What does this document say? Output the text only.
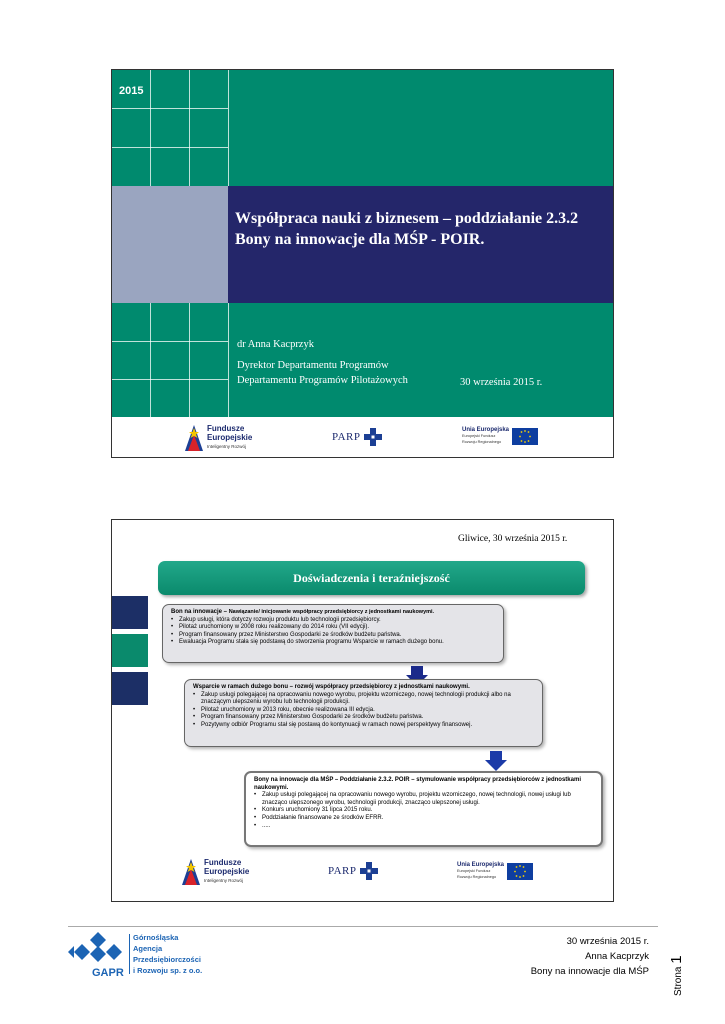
2015
Współpraca nauki z biznesem – poddziałanie 2.3.2
Bony na innowacje dla MŚP - POIR.
dr Anna Kacprzyk
Dyrektor Departamentu Programów
Departamentu Programów Pilotażowych	30 września 2015 r.
Fundusze
Europejskie
Inteligentny Rozwój
PARP
Unia Europejska
Europejski Fundusz
Rozwoju Regionalnego
Gliwice, 30 września 2015 r.
Doświadczenia i teraźniejszość
Bon na innowacje – Nawiązanie/ inicjowanie współpracy przedsiębiorcy z jednostkami naukowymi.
• Zakup usługi, która dotyczy rozwoju produktu lub technologii przedsiębiorcy.
• Pilotaż uruchomiony w 2008 roku realizowany do 2014 roku (VII edycji).
• Program finansowany przez Ministerstwo Gospodarki ze środków budżetu państwa.
• Ewaluacja Programu stała się podstawą do stworzenia programu Wsparcie w ramach dużego bonu.
Wsparcie w ramach dużego bonu – rozwój współpracy przedsiębiorcy z jednostkami naukowymi.
• Zakup usługi polegającej na opracowaniu nowego wyrobu, projektu wzorniczego, nowej technologii produkcji albo na znaczącym ulepszeniu wyrobu lub technologii produkcji.
• Pilotaż uruchomiony w 2013 roku, obecnie realizowana III edycja.
• Program finansowany przez Ministerstwo Gospodarki ze środków budżetu państwa.
• Pozytywny odbiór Programu stał się postawą do kontynuacji w ramach nowej perspektywy finansowej.
Bony na innowacje dla MŚP – Poddziałanie 2.3.2. POIR – stymulowanie współpracy przedsiębiorców z jednostkami naukowymi.
• Zakup usługi polegającej na opracowaniu nowego wyrobu, projektu wzorniczego, nowej technologii, nowej usługi lub znacząco ulepszonego wyrobu, technologii produkcji, znacząco ulepszonej usługi.
• Konkurs uruchomiony 31 lipca 2015 roku.
• Poddziałanie finansowane ze środków EFRR.
• .....
Fundusze
Europejskie
Inteligentny Rozwój
PARP	Unia Europejska
Europejski Fundusz
Rozwoju Regionalnego
GAPR
Górnośląska
Agencja
Przedsiębiorczości
i Rozwoju sp. z o.o.
30 września 2015 r.
Anna Kacprzyk
Bony na innowacje dla MŚP	Strona 1
